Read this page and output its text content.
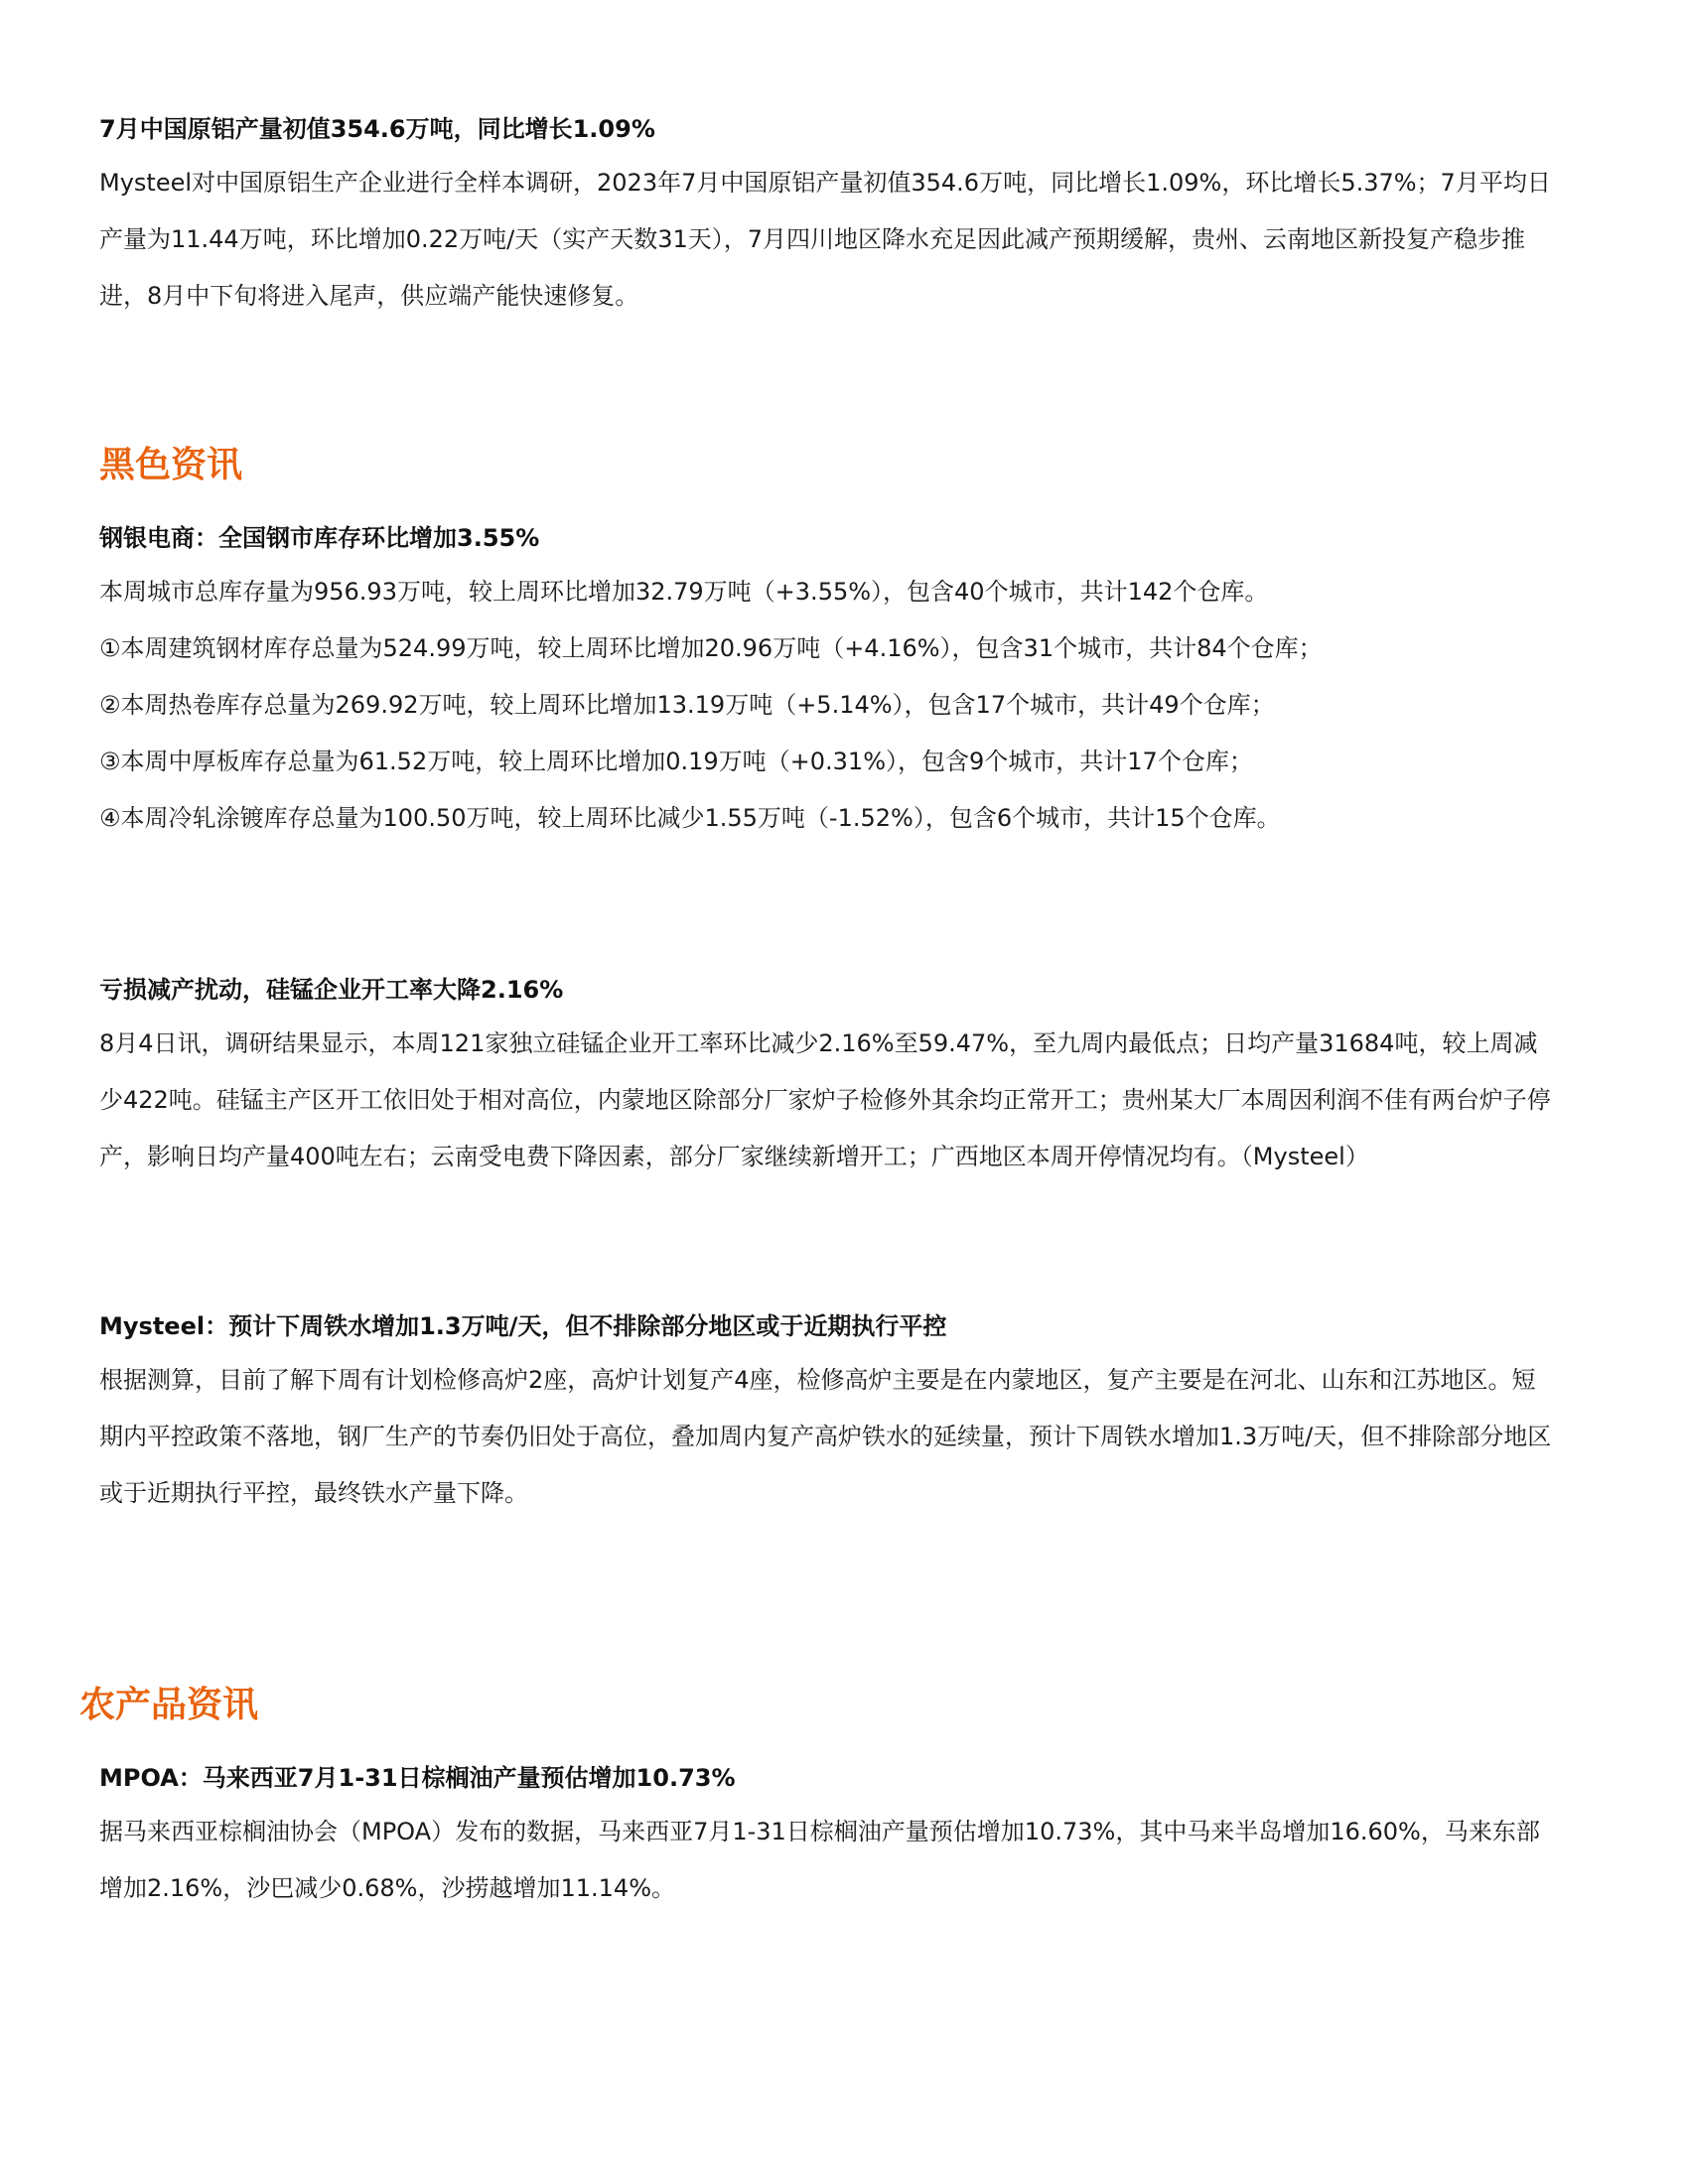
7月中国原铝产量初值354.6万吨，同比增长1.09%

Mysteel对中国原铝生产企业进行全样本调研，2023年7月中国原铝产量初值354.6万吨，同比增长1.09%，环比增长5.37%；7月平均日产量为11.44万吨，环比增加0.22万吨/天（实产天数31天），7月四川地区降水充足因此减产预期缓解，贵州、云南地区新投复产稳步推进，8月中下旬将进入尾声，供应端产能快速修复。

黑色资讯

钢银电商：全国钢市库存环比增加3.55%

本周城市总库存量为956.93万吨，较上周环比增加32.79万吨（+3.55%），包含40个城市，共计142个仓库。

①本周建筑钢材库存总量为524.99万吨，较上周环比增加20.96万吨（+4.16%），包含31个城市，共计84个仓库；

②本周热卷库存总量为269.92万吨，较上周环比增加13.19万吨（+5.14%），包含17个城市，共计49个仓库；

③本周中厚板库存总量为61.52万吨，较上周环比增加0.19万吨（+0.31%），包含9个城市，共计17个仓库；

④本周冷轧涂镀库存总量为100.50万吨，较上周环比减少1.55万吨（-1.52%），包含6个城市，共计15个仓库。

亏损减产扰动，硅锰企业开工率大降2.16%

8月4日讯，调研结果显示，本周121家独立硅锰企业开工率环比减少2.16%至59.47%，至九周内最低点；日均产量31684吨，较上周减少422吨。硅锰主产区开工依旧处于相对高位，内蒙地区除部分厂家炉子检修外其余均正常开工；贵州某大厂本周因利润不佳有两台炉子停产，影响日均产量400吨左右；云南受电费下降因素，部分厂家继续新增开工；广西地区本周开停情况均有。（Mysteel）

Mysteel：预计下周铁水增加1.3万吨/天，但不排除部分地区或于近期执行平控

根据测算，目前了解下周有计划检修高炉2座，高炉计划复产4座，检修高炉主要是在内蒙地区，复产主要是在河北、山东和江苏地区。短期内平控政策不落地，钢厂生产的节奏仍旧处于高位，叠加周内复产高炉铁水的延续量，预计下周铁水增加1.3万吨/天，但不排除部分地区或于近期执行平控，最终铁水产量下降。

农产品资讯

MPOA：马来西亚7月1-31日棕榈油产量预估增加10.73%

据马来西亚棕榈油协会（MPOA）发布的数据，马来西亚7月1-31日棕榈油产量预估增加10.73%，其中马来半岛增加16.60%，马来东部增加2.16%，沙巴减少0.68%，沙捞越增加11.14%。
